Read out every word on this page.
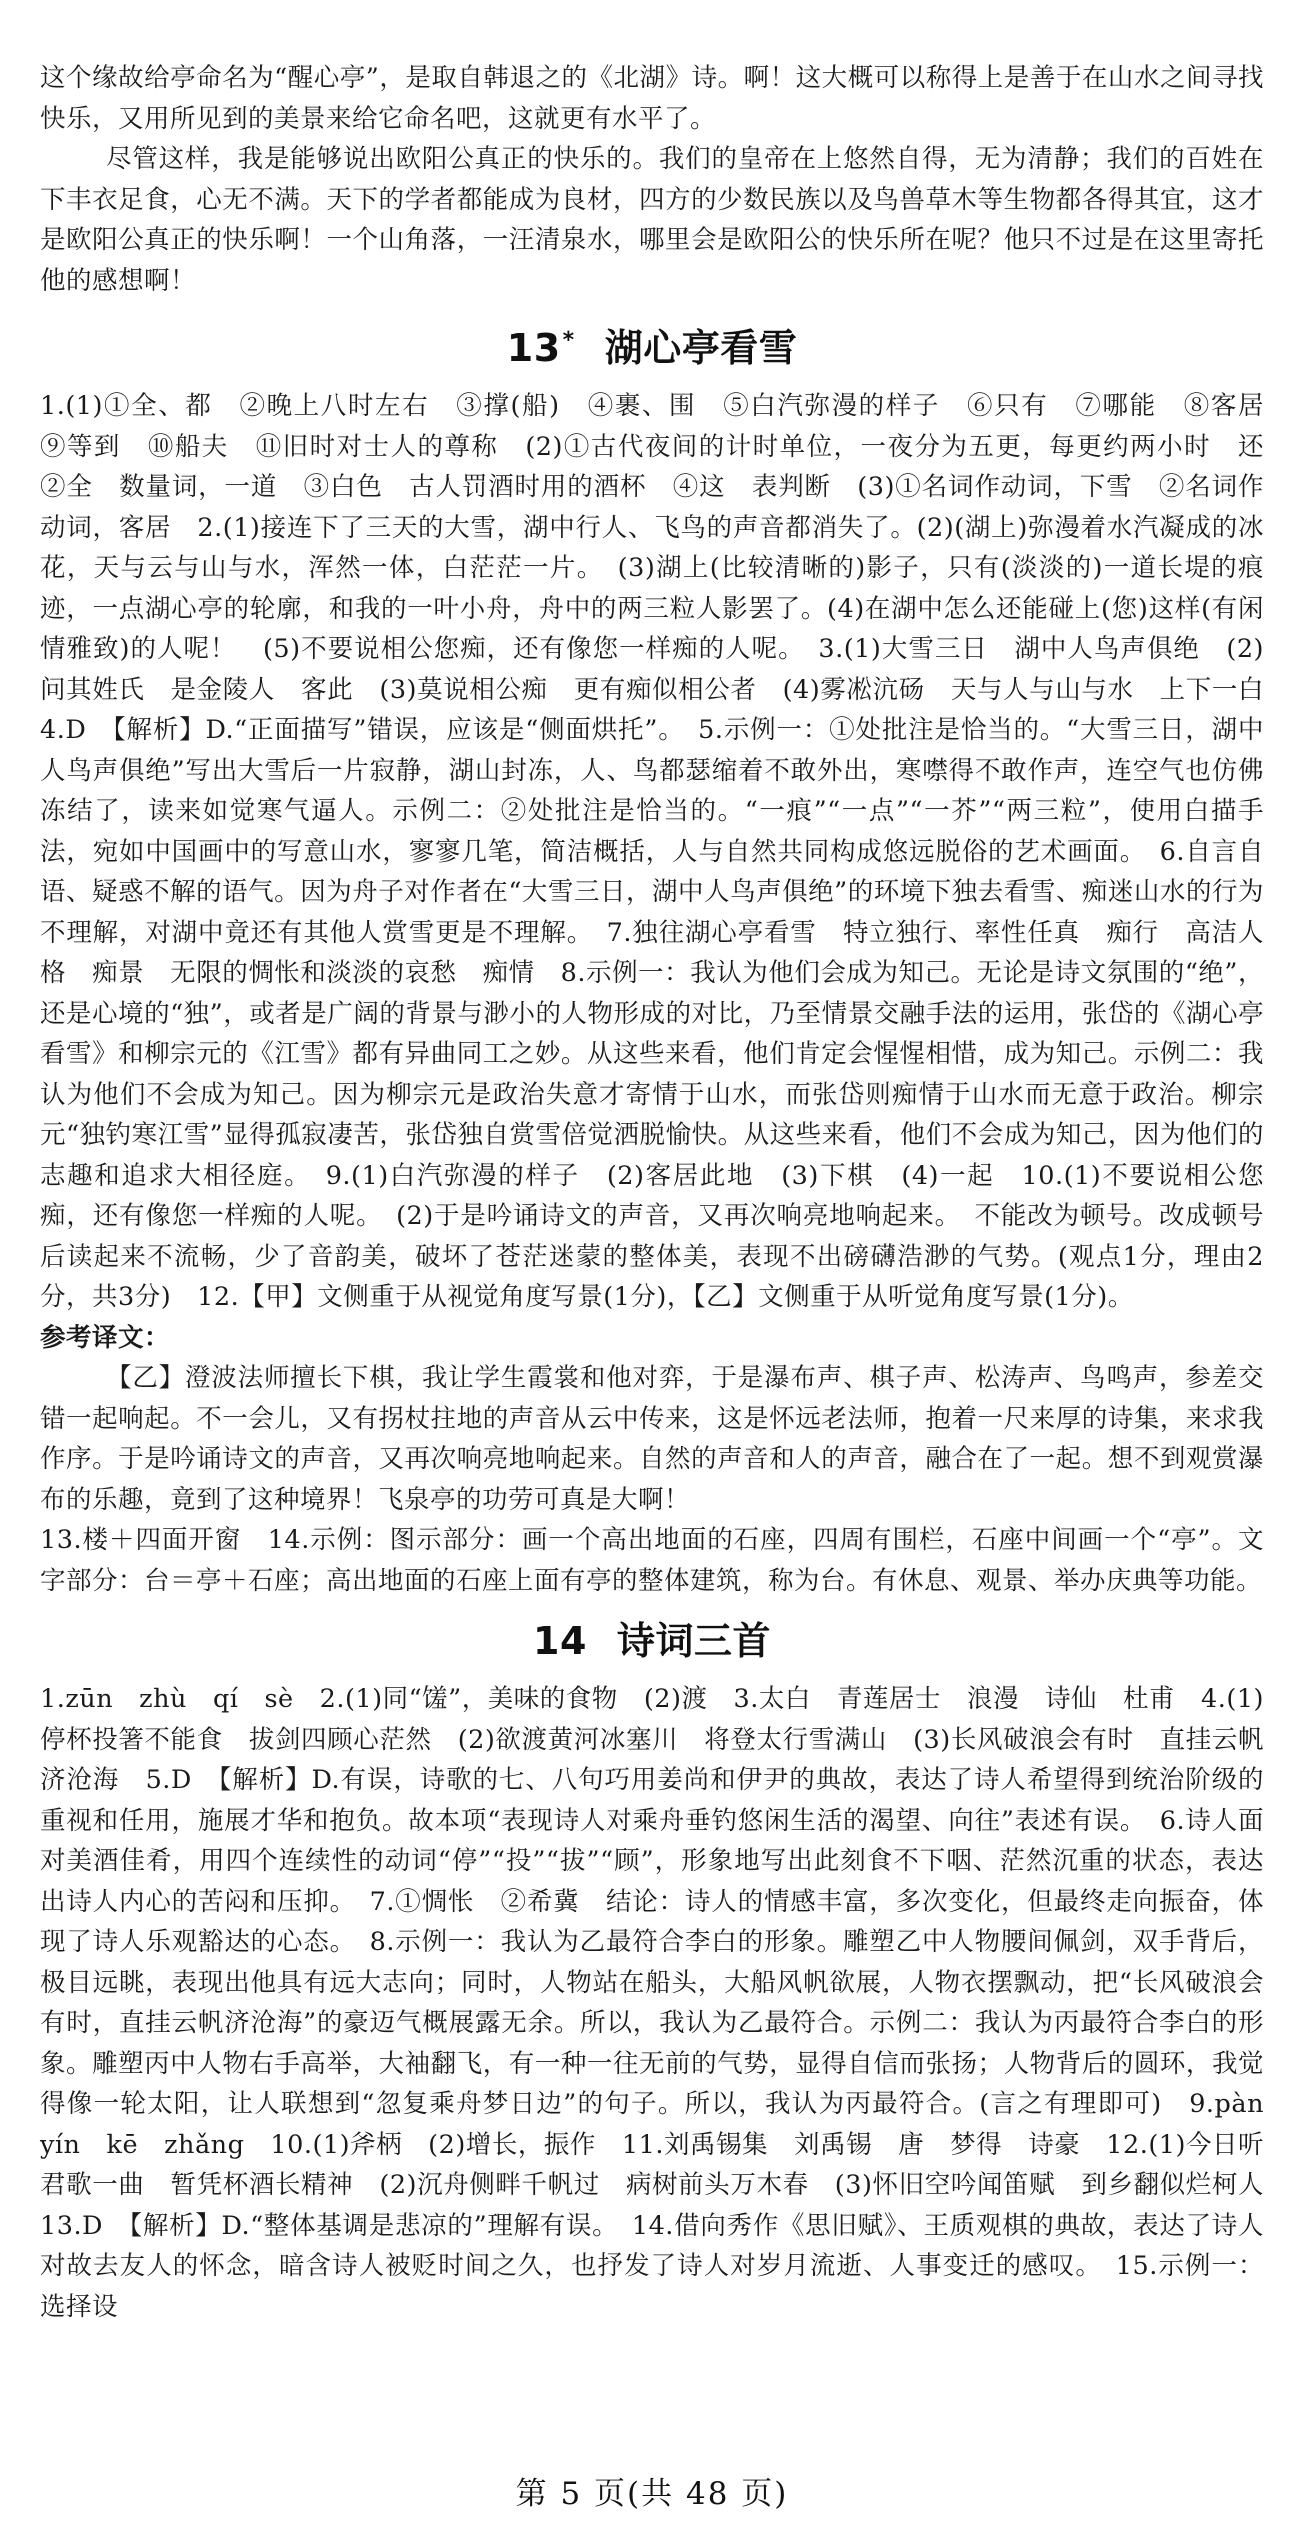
这个缘故给亭命名为“醒心亭”，是取自韩退之的《北湖》诗。啊！这大概可以称得上是善于在山水之间寻找快乐，又用所见到的美景来给它命名吧，这就更有水平了。

尽管这样，我是能够说出欧阳公真正的快乐的。我们的皇帝在上悠然自得，无为清静；我们的百姓在下丰衣足食，心无不满。天下的学者都能成为良材，四方的少数民族以及鸟兽草木等生物都各得其宜，这才是欧阳公真正的快乐啊！一个山角落，一汪清泉水，哪里会是欧阳公的快乐所在呢？他只不过是在这里寄托他的感想啊！

13* 湖心亭看雪

1.(1)①全、都　②晚上八时左右　③撑(船)　④裹、围　⑤白汽弥漫的样子　⑥只有　⑦哪能　⑧客居　⑨等到　⑩船夫　⑪旧时对士人的尊称　(2)①古代夜间的计时单位，一夜分为五更，每更约两小时　还　②全　数量词，一道　③白色　古人罚酒时用的酒杯　④这　表判断　(3)①名词作动词，下雪　②名词作动词，客居　2.(1)接连下了三天的大雪，湖中行人、飞鸟的声音都消失了。(2)(湖上)弥漫着水汽凝成的冰花，天与云与山与水，浑然一体，白茫茫一片。　(3)湖上(比较清晰的)影子，只有(淡淡的)一道长堤的痕迹，一点湖心亭的轮廓，和我的一叶小舟，舟中的两三粒人影罢了。(4)在湖中怎么还能碰上(您)这样(有闲情雅致)的人呢！　(5)不要说相公您痴，还有像您一样痴的人呢。　3.(1)大雪三日　湖中人鸟声俱绝　(2)问其姓氏　是金陵人　客此　(3)莫说相公痴　更有痴似相公者　(4)雾凇沆砀　天与人与山与水　上下一白　4.D　【解析】D.“正面描写”错误，应该是“侧面烘托”。　5.示例一：①处批注是恰当的。“大雪三日，湖中人鸟声俱绝”写出大雪后一片寂静，湖山封冻，人、鸟都瑟缩着不敢外出，寒噤得不敢作声，连空气也仿佛冻结了，读来如觉寒气逼人。示例二：②处批注是恰当的。“一痕”“一点”“一芥”“两三粒”，使用白描手法，宛如中国画中的写意山水，寥寥几笔，简洁概括，人与自然共同构成悠远脱俗的艺术画面。　6.自言自语、疑惑不解的语气。因为舟子对作者在“大雪三日，湖中人鸟声俱绝”的环境下独去看雪、痴迷山水的行为不理解，对湖中竟还有其他人赏雪更是不理解。　7.独往湖心亭看雪　特立独行、率性任真　痴行　高洁人格　痴景　无限的惆怅和淡淡的哀愁　痴情　8.示例一：我认为他们会成为知己。无论是诗文氛围的“绝”，还是心境的“独”，或者是广阔的背景与渺小的人物形成的对比，乃至情景交融手法的运用，张岱的《湖心亭看雪》和柳宗元的《江雪》都有异曲同工之妙。从这些来看，他们肯定会惺惺相惜，成为知己。示例二：我认为他们不会成为知己。因为柳宗元是政治失意才寄情于山水，而张岱则痴情于山水而无意于政治。柳宗元“独钓寒江雪”显得孤寂凄苦，张岱独自赏雪倍觉洒脱愉快。从这些来看，他们不会成为知己，因为他们的志趣和追求大相径庭。　9.(1)白汽弥漫的样子　(2)客居此地　(3)下棋　(4)一起　10.(1)不要说相公您痴，还有像您一样痴的人呢。　(2)于是吟诵诗文的声音，又再次响亮地响起来。　不能改为顿号。改成顿号后读起来不流畅，少了音韵美，破坏了苍茫迷蒙的整体美，表现不出磅礴浩渺的气势。(观点1分，理由2分，共3分)　12.【甲】文侧重于从视觉角度写景(1分)，【乙】文侧重于从听觉角度写景(1分)。

参考译文：

【乙】澄波法师擅长下棋，我让学生霞裳和他对弈，于是瀑布声、棋子声、松涛声、鸟鸣声，参差交错一起响起。不一会儿，又有拐杖拄地的声音从云中传来，这是怀远老法师，抱着一尺来厚的诗集，来求我作序。于是吟诵诗文的声音，又再次响亮地响起来。自然的声音和人的声音，融合在了一起。想不到观赏瀑布的乐趣，竟到了这种境界！飞泉亭的功劳可真是大啊！

13.楼＋四面开窗　14.示例：图示部分：画一个高出地面的石座，四周有围栏，石座中间画一个“亭”。文字部分：台＝亭＋石座；高出地面的石座上面有亭的整体建筑，称为台。有休息、观景、举办庆典等功能。

14 诗词三首

1.zūn　zhù　qí　sè　2.(1)同“馐”，美味的食物　(2)渡　3.太白　青莲居士　浪漫　诗仙　杜甫　4.(1)停杯投箸不能食　拔剑四顾心茫然　(2)欲渡黄河冰塞川　将登太行雪满山　(3)长风破浪会有时　直挂云帆济沧海　5.D　【解析】D.有误，诗歌的七、八句巧用姜尚和伊尹的典故，表达了诗人希望得到统治阶级的重视和任用，施展才华和抱负。故本项“表现诗人对乘舟垂钓悠闲生活的渴望、向往”表述有误。　6.诗人面对美酒佳肴，用四个连续性的动词“停”“投”“拔”“顾”，形象地写出此刻食不下咽、茫然沉重的状态，表达出诗人内心的苦闷和压抑。　7.①惆怅　②希冀　结论：诗人的情感丰富，多次变化，但最终走向振奋，体现了诗人乐观豁达的心态。　8.示例一：我认为乙最符合李白的形象。雕塑乙中人物腰间佩剑，双手背后，极目远眺，表现出他具有远大志向；同时，人物站在船头，大船风帆欲展，人物衣摆飘动，把“长风破浪会有时，直挂云帆济沧海”的豪迈气概展露无余。所以，我认为乙最符合。示例二：我认为丙最符合李白的形象。雕塑丙中人物右手高举，大袖翻飞，有一种一往无前的气势，显得自信而张扬；人物背后的圆环，我觉得像一轮太阳，让人联想到“忽复乘舟梦日边”的句子。所以，我认为丙最符合。(言之有理即可)　9.pàn　yín　kē　zhǎng　10.(1)斧柄　(2)增长，振作　11.刘禹锡集　刘禹锡　唐　梦得　诗豪　12.(1)今日听君歌一曲　暂凭杯酒长精神　(2)沉舟侧畔千帆过　病树前头万木春　(3)怀旧空吟闻笛赋　到乡翻似烂柯人　13.D　【解析】D.“整体基调是悲凉的”理解有误。　14.借向秀作《思旧赋》、王质观棋的典故，表达了诗人对故去友人的怀念，暗含诗人被贬时间之久，也抒发了诗人对岁月流逝、人事变迁的感叹。　15.示例一：选择设

第 5 页(共 48 页)
